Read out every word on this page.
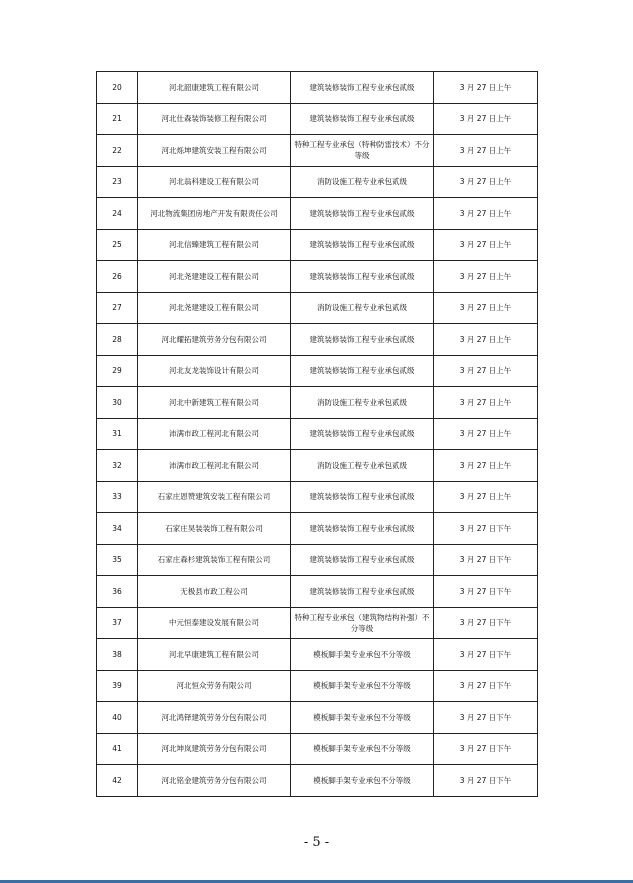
20	河北韶康建筑工程有限公司	建筑装修装饰工程专业承包贰级	3 月 27 日上午
21	河北仕森装饰装修工程有限公司	建筑装修装饰工程专业承包贰级	3 月 27 日上午
22	河北烁坤建筑安装工程有限公司	特种工程专业承包（特种防雷技术）不分等级	3 月 27 日上午
23	河北翁科建设工程有限公司	消防设施工程专业承包贰级	3 月 27 日上午
24	河北物流集团房地产开发有限责任公司	建筑装修装饰工程专业承包贰级	3 月 27 日上午
25	河北信臻建筑工程有限公司	建筑装修装饰工程专业承包贰级	3 月 27 日上午
26	河北尧建建设工程有限公司	建筑装修装饰工程专业承包贰级	3 月 27 日上午
27	河北尧建建设工程有限公司	消防设施工程专业承包贰级	3 月 27 日上午
28	河北耀拓建筑劳务分包有限公司	建筑装修装饰工程专业承包贰级	3 月 27 日上午
29	河北友龙装饰设计有限公司	建筑装修装饰工程专业承包贰级	3 月 27 日上午
30	河北中新建筑工程有限公司	消防设施工程专业承包贰级	3 月 27 日上午
31	沛满市政工程河北有限公司	建筑装修装饰工程专业承包贰级	3 月 27 日上午
32	沛满市政工程河北有限公司	消防设施工程专业承包贰级	3 月 27 日上午
33	石家庄恩赞建筑安装工程有限公司	建筑装修装饰工程专业承包贰级	3 月 27 日上午
34	石家庄昊装装饰工程有限公司	建筑装修装饰工程专业承包贰级	3 月 27 日下午
35	石家庄森杉建筑装饰工程有限公司	建筑装修装饰工程专业承包贰级	3 月 27 日下午
36	无极县市政工程公司	建筑装修装饰工程专业承包贰级	3 月 27 日下午
37	中元恒泰建设发展有限公司	特种工程专业承包（建筑物结构补强）不分等级	3 月 27 日下午
38	河北早康建筑工程有限公司	模板脚手架专业承包不分等级	3 月 27 日下午
39	河北恒众劳务有限公司	模板脚手架专业承包不分等级	3 月 27 日下午
40	河北鸿铎建筑劳务分包有限公司	模板脚手架专业承包不分等级	3 月 27 日下午
41	河北坤岚建筑劳务分包有限公司	模板脚手架专业承包不分等级	3 月 27 日下午
42	河北铭金建筑劳务分包有限公司	模板脚手架专业承包不分等级	3 月 27 日下午
- 5 -
